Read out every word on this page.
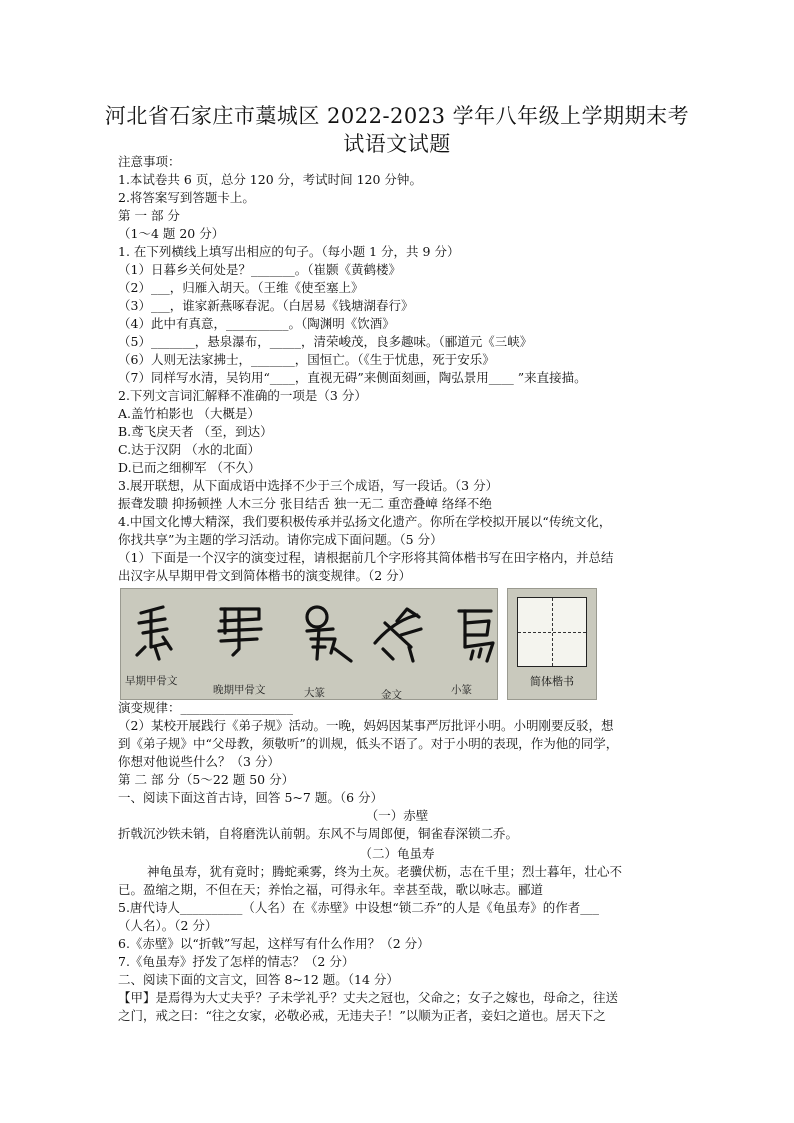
河北省石家庄市藁城区 2022-2023 学年八年级上学期期末考
试语文试题
注意事项：
1.本试卷共 6 页，总分 120 分，考试时间 120 分钟。
2.将答案写到答题卡上。
第 一 部 分
（1～4 题 20 分）
1. 在下列横线上填写出相应的句子。（每小题 1 分，共 9 分）
（1）日暮乡关何处是？_______。（崔颢《黄鹤楼》
（2）___，归雁入胡天。（王维《使至塞上》
（3）___，谁家新燕啄春泥。（白居易《钱塘湖春行》
（4）此中有真意，__________。（陶渊明《饮酒》
（5）_______，悬泉瀑布，_____，清荣峻茂，良多趣味。（郦道元《三峡》
（6）人则无法家拂士，_______，国恒亡。（《生于忧患，死于安乐》
（7）同样写水清，吴钧用“____，直视无碍”来侧面刻画，陶弘景用____ ”来直接描。
2.下列文言词汇解释不准确的一项是（3 分）
A.盖竹柏影也 （大概是）
B.鸢飞戾天者 （至，到达）
C.达于汉阴 （水的北面）
D.已而之细柳军 （不久）
3.展开联想，从下面成语中选择不少于三个成语，写一段话。（3 分）
振聋发聩 抑扬顿挫 人木三分 张目结舌 独一无二 重峦叠嶂 络绎不绝
4.中国文化博大精深，我们要积极传承并弘扬文化遗产。你所在学校拟开展以“传统文化，
你找共享”为主题的学习活动。请你完成下面问题。（5 分）
（1）下面是一个汉字的演变过程，请根据前几个字形将其简体楷书写在田字格内，并总结
出汉字从早期甲骨文到简体楷书的演变规律。（2 分）
早期甲骨文
晚期甲骨文	大篆	金文	小篆
简体楷书
演变规律：__________________
（2）某校开展践行《弟子规》活动。一晚，妈妈因某事严厉批评小明。小明刚要反驳，想
到《弟子规》中“父母教，须敬听”的训规，低头不语了。对于小明的表现，作为他的同学，
你想对他说些什么？（3 分）
第 二 部 分（5～22 题 50 分）
一、阅读下面这首古诗，回答 5~7 题。（6 分）
（一）赤壁
折戟沉沙铁未销，自将磨洗认前朝。东风不与周郎便，铜雀春深锁二乔。
（二）龟虽寿
神龟虽寿，犹有竟时；腾蛇乘雾，终为土灰。老骥伏枥，志在千里；烈士暮年，壮心不
已。盈缩之期，不但在天；养怡之福，可得永年。幸甚至哉，歌以咏志。郦道
5.唐代诗人__________（人名）在《赤壁》中设想“锁二乔”的人是《龟虽寿》的作者___
（人名）。（2 分）
6.《赤壁》以“折戟”写起，这样写有什么作用？（2 分）
7.《龟虽寿》抒发了怎样的情志？（2 分）
二、阅读下面的文言文，回答 8~12 题。（14 分）
【甲】是焉得为大丈夫乎？子未学礼乎？丈夫之冠也，父命之；女子之嫁也，母命之，往送
之门，戒之曰：“往之女家，必敬必戒，无违夫子！”以顺为正者，妾妇之道也。居天下之
